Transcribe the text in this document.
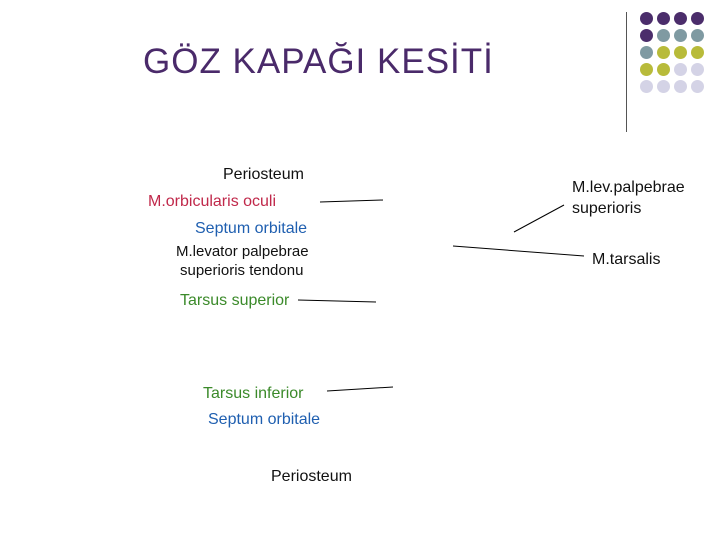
GÖZ KAPAĞI KESİTİ
Periosteum
M.orbicularis oculi
Septum orbitale
M.levator palpebrae
superioris tendonu
Tarsus superior
Tarsus inferior
Septum orbitale
Periosteum
M.lev.palpebrae
superioris
M.tarsalis
